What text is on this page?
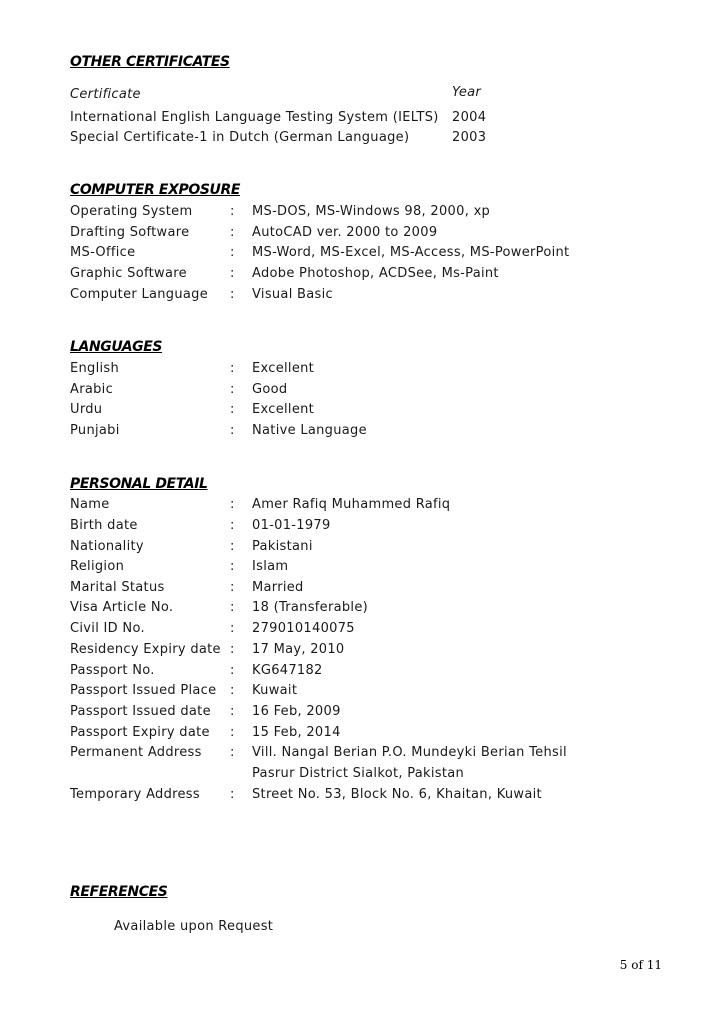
OTHER CERTIFICATES
Certificate	Year
International English Language Testing System (IELTS) 2004
Special Certificate-1 in Dutch (German Language)	2003
COMPUTER EXPOSURE
Operating System	: MS-DOS, MS-Windows 98, 2000, xp
Drafting Software	: AutoCAD ver. 2000 to 2009
MS-Office	: MS-Word, MS-Excel, MS-Access, MS-PowerPoint
Graphic Software	: Adobe Photoshop, ACDSee, Ms-Paint
Computer Language : Visual Basic
LANGUAGES
English	: Excellent
Arabic	: Good
Urdu	: Excellent
Punjabi	: Native Language
PERSONAL DETAIL
Name	: Amer Rafiq Muhammed Rafiq
Birth date	: 01-01-1979
Nationality	: Pakistani
Religion	: Islam
Marital Status	: Married
Visa Article No.	: 18 (Transferable)
Civil ID No.	: 279010140075
Residency Expiry date : 17 May, 2010
Passport No.	: KG647182
Passport Issued Place : Kuwait
Passport Issued date : 16 Feb, 2009
Passport Expiry date : 15 Feb, 2014
Permanent Address : Vill. Nangal Berian P.O. Mundeyki Berian Tehsil
Pasrur District Sialkot, Pakistan
Temporary Address : Street No. 53, Block No. 6, Khaitan, Kuwait
REFERENCES
Available upon Request
5 of 11
